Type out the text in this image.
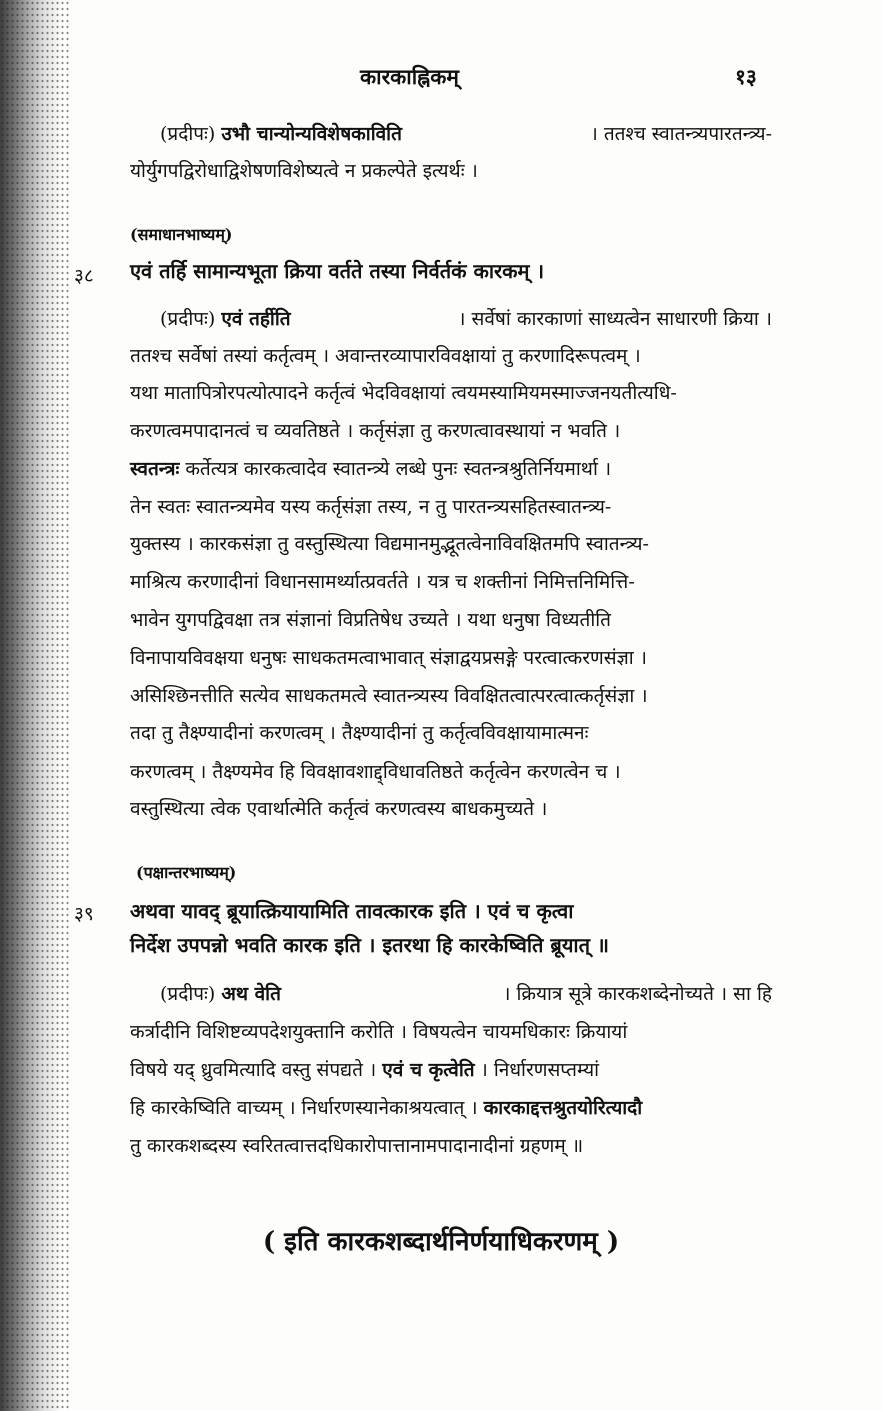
कारकाह्निकम्	१३
(प्रदीपः) उभौ चान्योन्यविशेषकाविति	। ततश्च स्वातन्त्र्यपारतन्त्र्य-
योर्युगपद्विरोधाद्विशेषणविशेष्यत्वे न प्रकल्पेते इत्यर्थः ।
(समाधानभाष्यम्)
३८ एवं तर्हि सामान्यभूता क्रिया वर्तते तस्या निर्वर्तकं कारकम् ।
(प्रदीपः) एवं तर्हीति	। सर्वेषां कारकाणां साध्यत्वेन साधारणी क्रिया ।
ततश्च सर्वेषां तस्यां कर्तृत्वम् । अवान्तरव्यापारविवक्षायां तु करणादिरूपत्वम् ।
यथा मातापित्रोरपत्योत्पादने कर्तृत्वं भेदविवक्षायां त्वयमस्यामियमस्माज्जनयतीत्यधि-
करणत्वमपादानत्वं च व्यवतिष्ठते । कर्तृसंज्ञा तु करणत्वावस्थायां न भवति ।
स्वतन्त्रः कर्तेत्यत्र कारकत्वादेव स्वातन्त्र्ये लब्धे पुनः स्वतन्त्रश्रुतिर्नियमार्था ।
तेन स्वतः स्वातन्त्र्यमेव यस्य कर्तृसंज्ञा तस्य, न तु पारतन्त्र्यसहितस्वातन्त्र्य-
युक्तस्य । कारकसंज्ञा तु वस्तुस्थित्या विद्यमानमुद्भूतत्वेनाविवक्षितमपि स्वातन्त्र्य-
माश्रित्य करणादीनां विधानसामर्थ्यात्प्रवर्तते । यत्र च शक्तीनां निमित्तनिमित्ति-
भावेन युगपद्विवक्षा तत्र संज्ञानां विप्रतिषेध उच्यते । यथा धनुषा विध्यतीति
विनापायविवक्षया धनुषः साधकतमत्वाभावात् संज्ञाद्वयप्रसङ्गे परत्वात्करणसंज्ञा ।
असिश्छिनत्तीति सत्येव साधकतमत्वे स्वातन्त्र्यस्य विवक्षितत्वात्परत्वात्कर्तृसंज्ञा ।
तदा तु तैक्ष्ण्यादीनां करणत्वम् । तैक्ष्ण्यादीनां तु कर्तृत्वविवक्षायामात्मनः
करणत्वम् । तैक्ष्ण्यमेव हि विवक्षावशाद्द्विधावतिष्ठते कर्तृत्वेन करणत्वेन च ।
वस्तुस्थित्या त्वेक एवार्थात्मेति कर्तृत्वं करणत्वस्य बाधकमुच्यते ।
(पक्षान्तरभाष्यम्)
३९ अथवा यावद् ब्रूयात्क्रियायामिति तावत्कारक इति । एवं च कृत्वा
निर्देश उपपन्नो भवति कारक इति । इतरथा हि कारकेष्विति ब्रूयात् ॥
(प्रदीपः) अथ वेति	। क्रियात्र सूत्रे कारकशब्देनोच्यते । सा हि
कर्त्रादीनि विशिष्टव्यपदेशयुक्तानि करोति । विषयत्वेन चायमधिकारः क्रियायां
विषये यद् ध्रुवमित्यादि वस्तु संपद्यते । एवं च कृत्वेति । निर्धारणसप्तम्यां
हि कारकेष्विति वाच्यम् । निर्धारणस्यानेकाश्रयत्वात् । कारकाद्दत्तश्रुतयोरित्यादौ
तु कारकशब्दस्य स्वरितत्वात्तदधिकारोपात्तानामपादानादीनां ग्रहणम् ॥
( इति कारकशब्दार्थनिर्णयाधिकरणम् )
